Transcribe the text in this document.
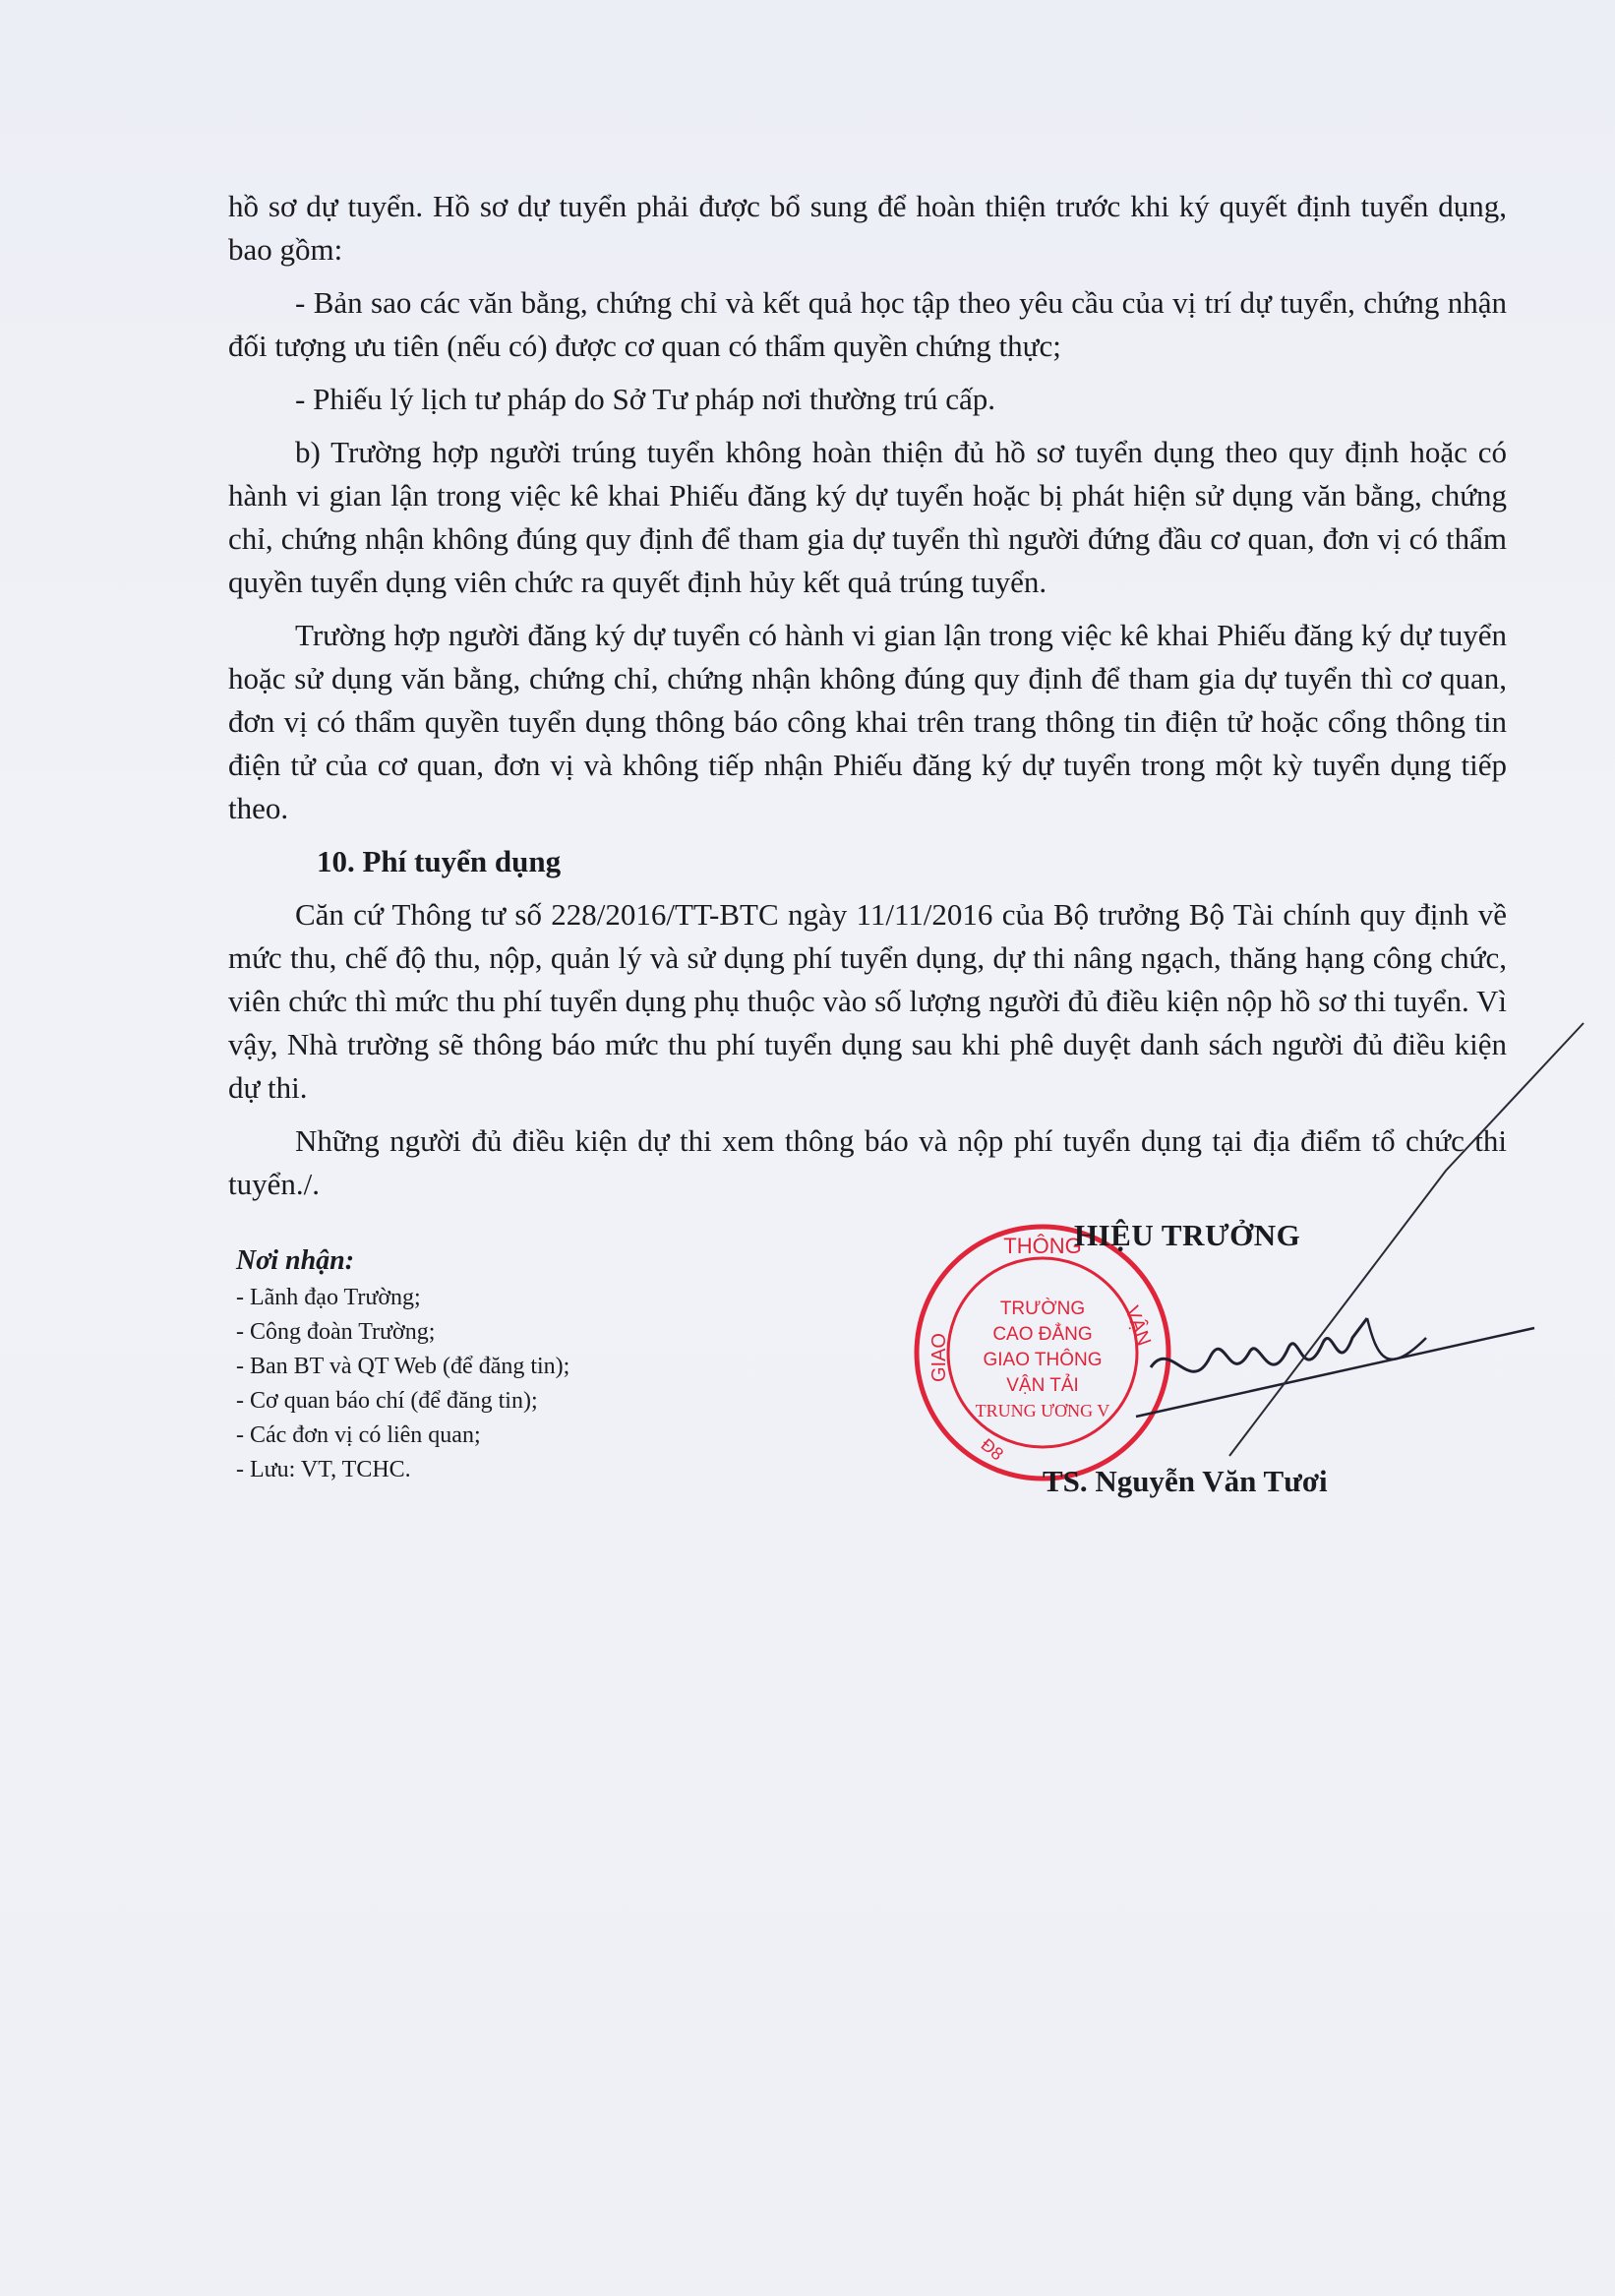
hồ sơ dự tuyển. Hồ sơ dự tuyển phải được bổ sung để hoàn thiện trước khi ký quyết định tuyển dụng, bao gồm:

- Bản sao các văn bằng, chứng chỉ và kết quả học tập theo yêu cầu của vị trí dự tuyển, chứng nhận đối tượng ưu tiên (nếu có) được cơ quan có thẩm quyền chứng thực;

- Phiếu lý lịch tư pháp do Sở Tư pháp nơi thường trú cấp.

b) Trường hợp người trúng tuyển không hoàn thiện đủ hồ sơ tuyển dụng theo quy định hoặc có hành vi gian lận trong việc kê khai Phiếu đăng ký dự tuyển hoặc bị phát hiện sử dụng văn bằng, chứng chỉ, chứng nhận không đúng quy định để tham gia dự tuyển thì người đứng đầu cơ quan, đơn vị có thẩm quyền tuyển dụng viên chức ra quyết định hủy kết quả trúng tuyển.

Trường hợp người đăng ký dự tuyển có hành vi gian lận trong việc kê khai Phiếu đăng ký dự tuyển hoặc sử dụng văn bằng, chứng chỉ, chứng nhận không đúng quy định để tham gia dự tuyển thì cơ quan, đơn vị có thẩm quyền tuyển dụng thông báo công khai trên trang thông tin điện tử hoặc cổng thông tin điện tử của cơ quan, đơn vị và không tiếp nhận Phiếu đăng ký dự tuyển trong một kỳ tuyển dụng tiếp theo.

10. Phí tuyển dụng

Căn cứ Thông tư số 228/2016/TT-BTC ngày 11/11/2016 của Bộ trưởng Bộ Tài chính quy định về mức thu, chế độ thu, nộp, quản lý và sử dụng phí tuyển dụng, dự thi nâng ngạch, thăng hạng công chức, viên chức thì mức thu phí tuyển dụng phụ thuộc vào số lượng người đủ điều kiện nộp hồ sơ thi tuyển. Vì vậy, Nhà trường sẽ thông báo mức thu phí tuyển dụng sau khi phê duyệt danh sách người đủ điều kiện dự thi.

Những người đủ điều kiện dự thi xem thông báo và nộp phí tuyển dụng tại địa điểm tổ chức thi tuyển./.

Nơi nhận:
- Lãnh đạo Trường;
- Công đoàn Trường;
- Ban BT và QT Web (để đăng tin);
- Cơ quan báo chí (để đăng tin);
- Các đơn vị có liên quan;
- Lưu: VT, TCHC.
THÔNG
VẬN
GIAO
Đ8
TRƯỜNG
CAO ĐẲNG
GIAO THÔNG
VẬN TẢI
TRUNG ƯƠNG V
HIỆU TRƯỞNG
TS. Nguyễn Văn Tươi
